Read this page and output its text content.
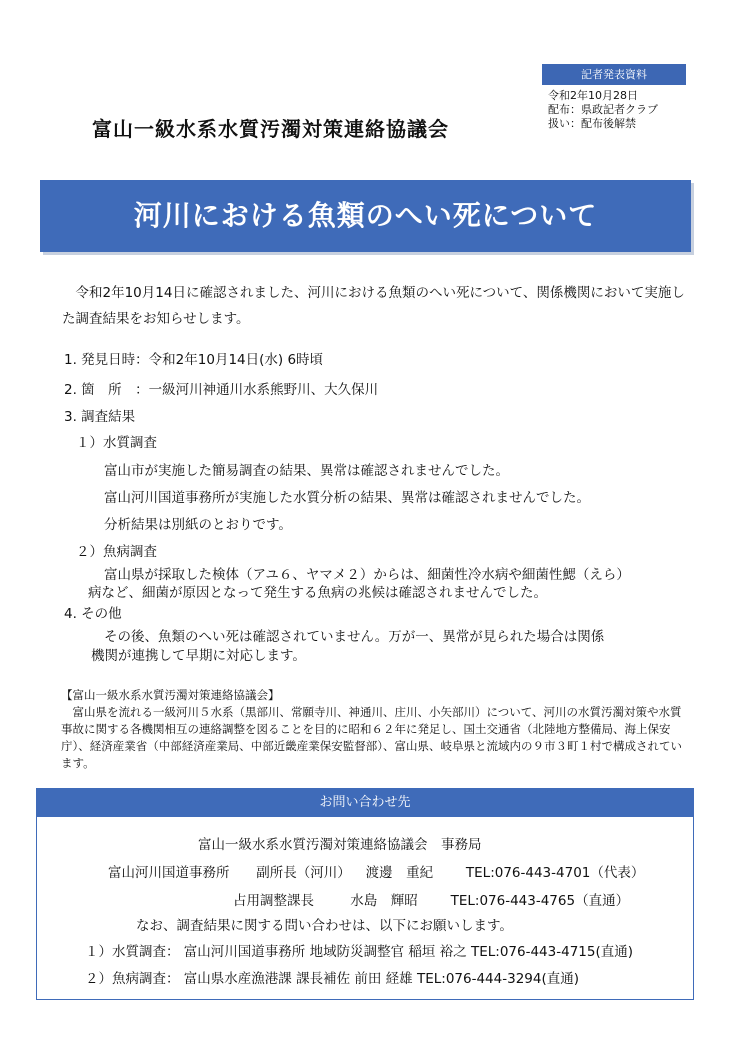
記者発表資料
令和2年10月28日
配布：県政記者クラブ
扱い：配布後解禁
富山一級水系水質汚濁対策連絡協議会
河川における魚類のへい死について
令和2年10月14日に確認されました、河川における魚類のへい死について、関係機関において実施した調査結果をお知らせします。
1. 発見日時：令和2年10月14日(水) 6時頃
2. 箇　所　：一級河川神通川水系熊野川、大久保川
3. 調査結果
１）水質調査
富山市が実施した簡易調査の結果、異常は確認されませんでした。
富山河川国道事務所が実施した水質分析の結果、異常は確認されませんでした。
分析結果は別紙のとおりです。
２）魚病調査
富山県が採取した検体（アユ６、ヤマメ２）からは、細菌性冷水病や細菌性鰓（えら）
病など、細菌が原因となって発生する魚病の兆候は確認されませんでした。
4. その他
その後、魚類のへい死は確認されていません。万が一、異常が見られた場合は関係
機関が連携して早期に対応します。
【富山一級水系水質汚濁対策連絡協議会】
富山県を流れる一級河川５水系（黒部川、常願寺川、神通川、庄川、小矢部川）について、河川の水質汚濁対策や水質事故に関する各機関相互の連絡調整を図ることを目的に昭和６２年に発足し、国土交通省（北陸地方整備局、海上保安庁）、経済産業省（中部経済産業局、中部近畿産業保安監督部）、富山県、岐阜県と流域内の９市３町１村で構成されています。
お問い合わせ先
富山一級水系水質汚濁対策連絡協議会　事務局
富山河川国道事務所 副所長（河川） 渡邊　重紀 TEL:076-443-4701（代表）
占用調整課長	水島　輝昭 TEL:076-443-4765（直通）
なお、調査結果に関する問い合わせは、以下にお願いします。
１）水質調査： 富山河川国道事務所 地域防災調整官 稲垣 裕之 TEL:076-443-4715(直通)
２）魚病調査： 富山県水産漁港課 課長補佐 前田 経雄 TEL:076-444-3294(直通)
